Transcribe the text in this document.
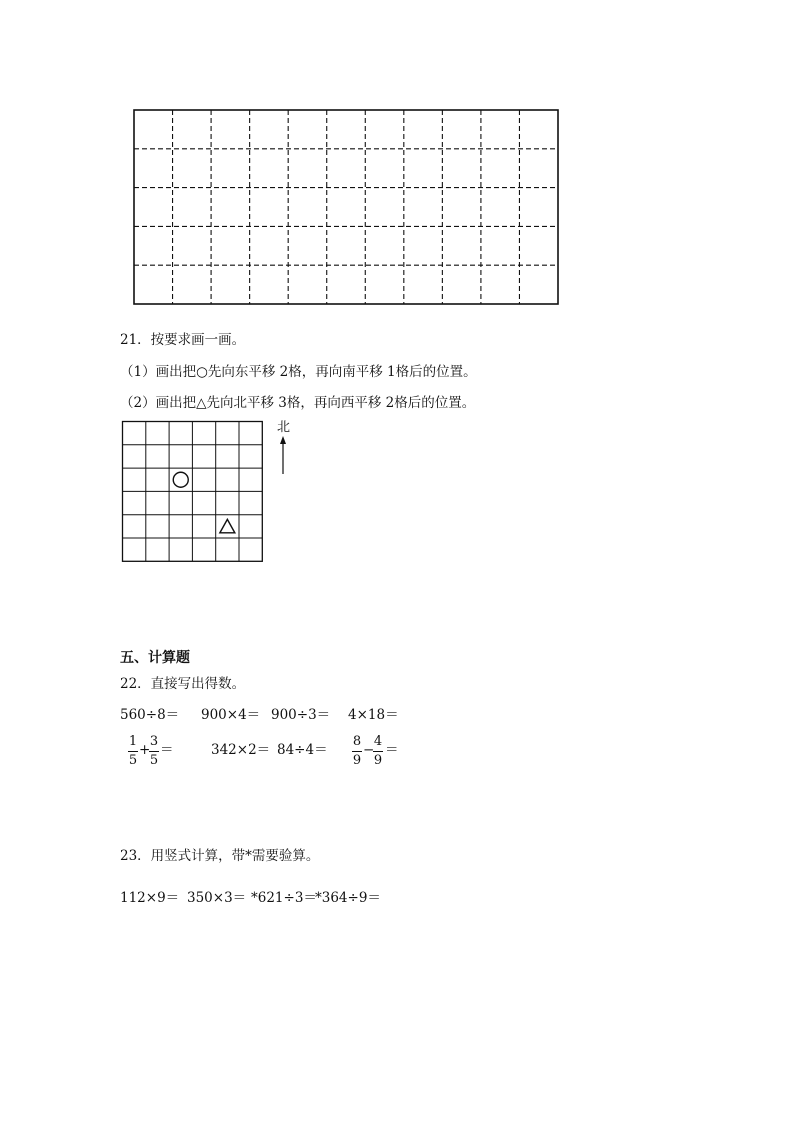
21．按要求画一画。
（1）画出把○先向东平移 2格，再向南平移 1格后的位置。
（2）画出把△先向北平移 3格，再向西平移 2格后的位置。
北
五、计算题
22．直接写出得数。
560÷8＝ 900×4＝ 900÷3＝ 4×18＝
1
5
+
3
5
＝	342×2＝ 84÷4＝
8
9
−
4
9
＝
23．用竖式计算，带*需要验算。
112×9＝ 350×3＝ *621÷3＝
*364÷9＝
